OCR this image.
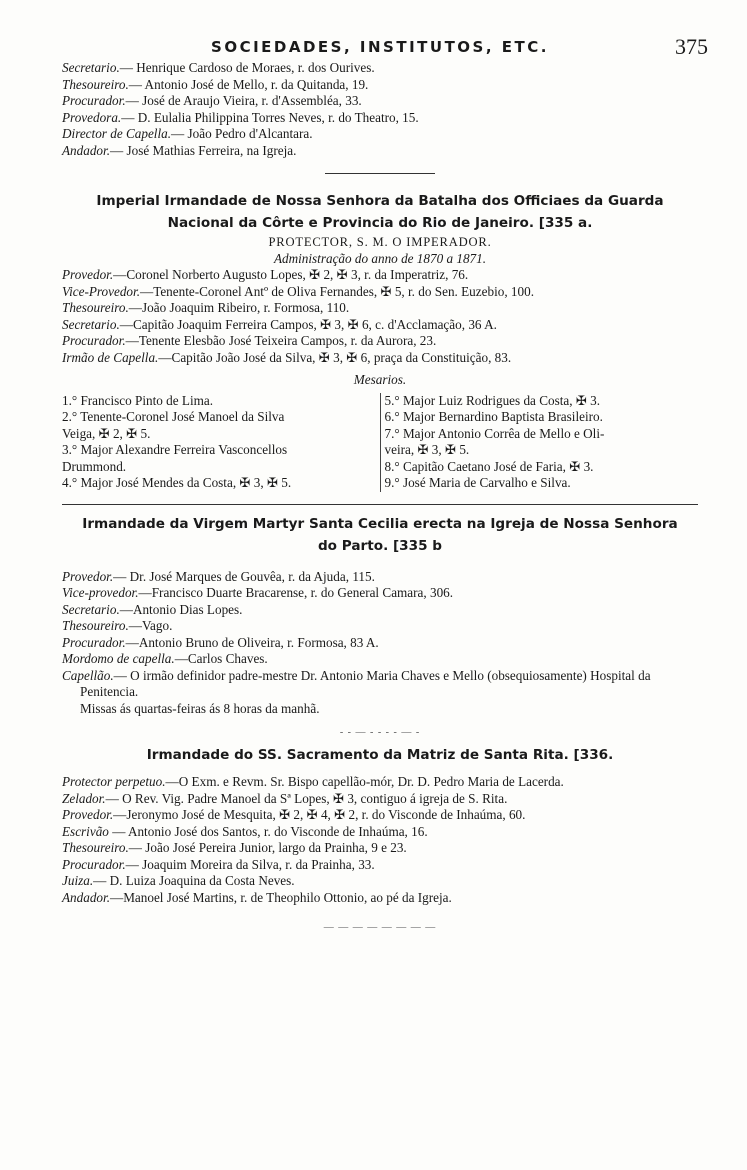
SOCIEDADES, INSTITUTOS, ETC.	375
Secretario.— Henrique Cardoso de Moraes, r. dos Ourives.
Thesoureiro.— Antonio José de Mello, r. da Quitanda, 19.
Procurador.— José de Araujo Vieira, r. d'Assembléa, 33.
Provedora.— D. Eulalia Philippina Torres Neves, r. do Theatro, 15.
Director de Capella.— João Pedro d'Alcantara.
Andador.— José Mathias Ferreira, na Igreja.
Imperial Irmandade de Nossa Senhora da Batalha dos Officiaes da Guarda
Nacional da Côrte e Provincia do Rio de Janeiro. [335 a.
PROTECTOR, S. M. O IMPERADOR.
Administração do anno de 1870 a 1871.
Provedor.—Coronel Norberto Augusto Lopes, ✠ 2, ✠ 3, r. da Imperatriz, 76.
Vice-Provedor.—Tenente-Coronel Antº de Oliva Fernandes, ✠ 5, r. do Sen. Euzebio, 100.
Thesoureiro.—João Joaquim Ribeiro, r. Formosa, 110.
Secretario.—Capitão Joaquim Ferreira Campos, ✠ 3, ✠ 6, c. d'Acclamação, 36 A.
Procurador.—Tenente Elesbão José Teixeira Campos, r. da Aurora, 23.
Irmão de Capella.—Capitão João José da Silva, ✠ 3, ✠ 6, praça da Constituição, 83.
Mesarios.
1.° Francisco Pinto de Lima.
2.° Tenente-Coronel José Manoel da Silva
Veiga, ✠ 2, ✠ 5.
3.° Major Alexandre Ferreira Vasconcellos
Drummond.
4.° Major José Mendes da Costa, ✠ 3, ✠ 5.
5.° Major Luiz Rodrigues da Costa, ✠ 3.
6.° Major Bernardino Baptista Brasileiro.
7.° Major Antonio Corrêa de Mello e Oli-
veira, ✠ 3, ✠ 5.
8.° Capitão Caetano José de Faria, ✠ 3.
9.° José Maria de Carvalho e Silva.
Irmandade da Virgem Martyr Santa Cecilia erecta na Igreja de Nossa Senhora
do Parto. [335 b
Provedor.— Dr. José Marques de Gouvêa, r. da Ajuda, 115.
Vice-provedor.—Francisco Duarte Bracarense, r. do General Camara, 306.
Secretario.—Antonio Dias Lopes.
Thesoureiro.—Vago.
Procurador.—Antonio Bruno de Oliveira, r. Formosa, 83 A.
Mordomo de capella.—Carlos Chaves.
Capellão.— O irmão definidor padre-mestre Dr. Antonio Maria Chaves e Mello (obsequiosamente) Hospital da Penitencia.
Missas ás quartas-feiras ás 8 horas da manhã.
- - — - - - - — -
Irmandade do SS. Sacramento da Matriz de Santa Rita. [336.
Protector perpetuo.—O Exm. e Revm. Sr. Bispo capellão-mór, Dr. D. Pedro Maria de Lacerda.
Zelador.— O Rev. Vig. Padre Manoel da Sª Lopes, ✠ 3, contiguo á igreja de S. Rita.
Provedor.—Jeronymo José de Mesquita, ✠ 2, ✠ 4, ✠ 2, r. do Visconde de Inhaúma, 60.
Escrivão — Antonio José dos Santos, r. do Visconde de Inhaúma, 16.
Thesoureiro.— João José Pereira Junior, largo da Prainha, 9 e 23.
Procurador.— Joaquim Moreira da Silva, r. da Prainha, 33.
Juiza.— D. Luiza Joaquina da Costa Neves.
Andador.—Manoel José Martins, r. de Theophilo Ottonio, ao pé da Igreja.
— — — — — — — —
